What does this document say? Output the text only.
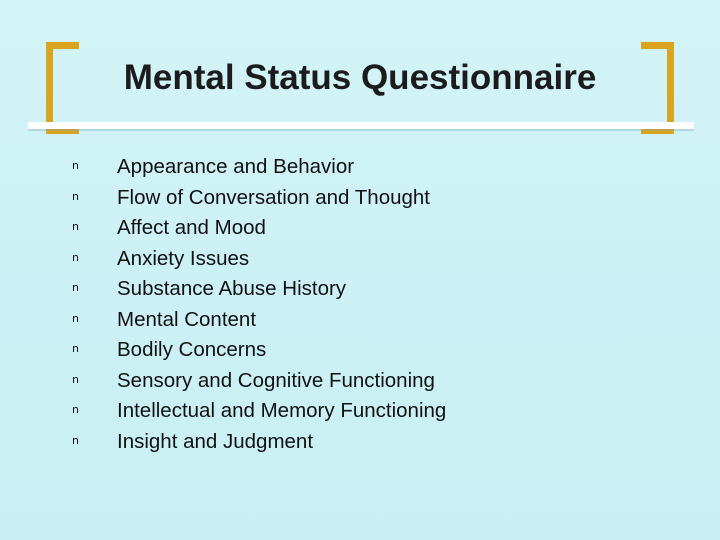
Mental Status Questionnaire
n	Appearance and Behavior
n	Flow of Conversation and Thought
n	Affect and Mood
n	Anxiety Issues
n	Substance Abuse History
n	Mental Content
n	Bodily Concerns
n	Sensory and Cognitive Functioning
n	Intellectual and Memory Functioning
n	Insight and Judgment
